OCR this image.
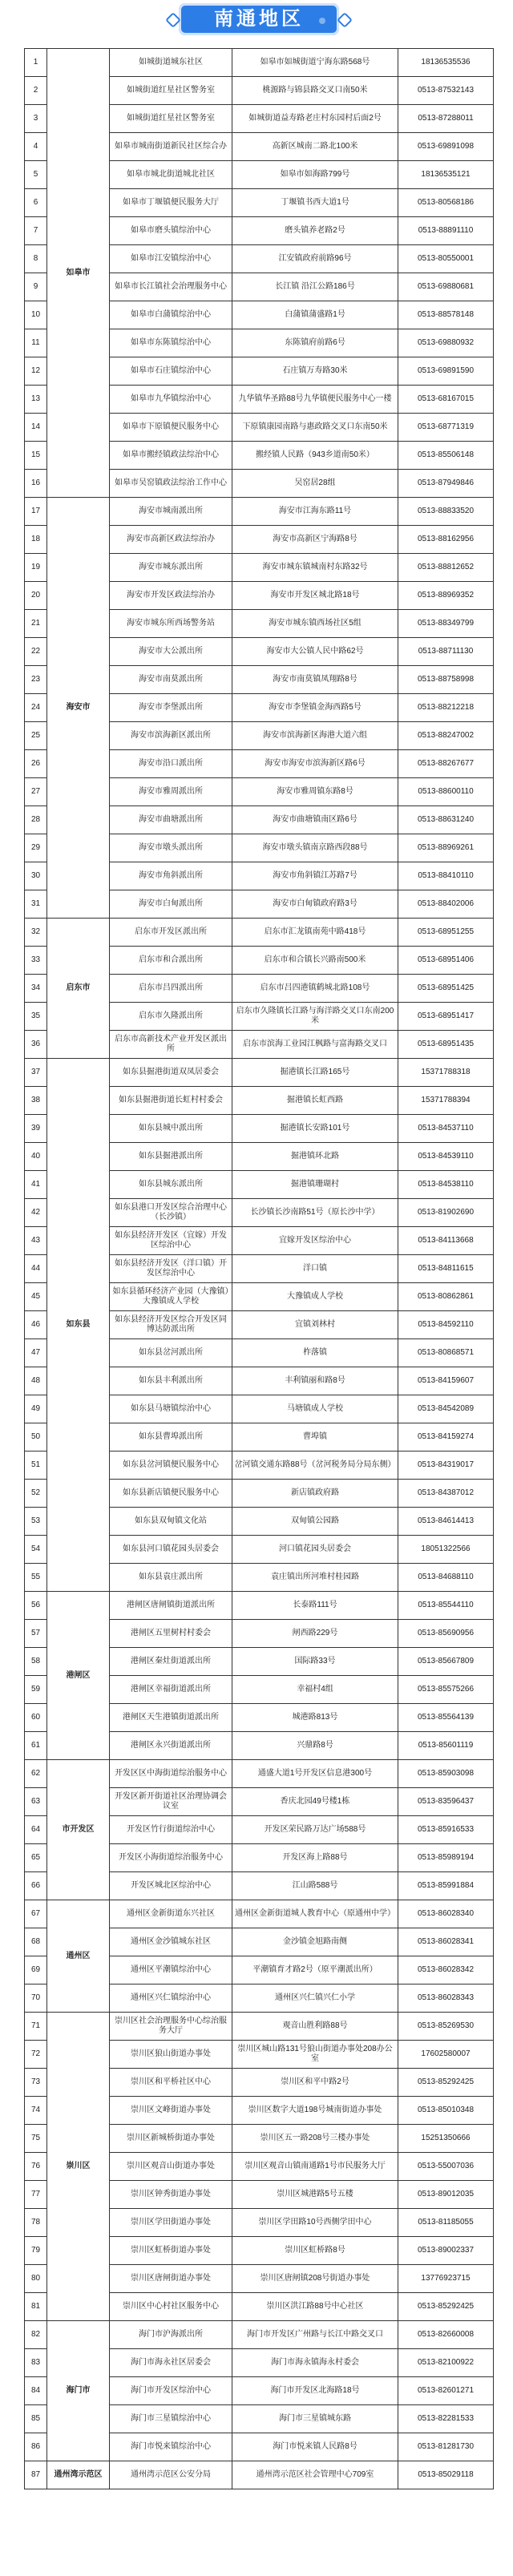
南通地区
1	如皋市	如城街道城东社区	如皋市如城街道宁海东路568号	18136535536
2		如城街道红星社区警务室	桃源路与锦县路交叉口南50米	0513-87532143
3		如城街道红星社区警务室	如城街道益寿路老庄村东园村后面2号	0513-87288011
4		如皋市城南街道新民社区综合办	高新区城南二路北100米	0513-69891098
5		如皋市城北街道城北社区	如皋市如海路799号	18136535121
6		如皋市丁堰镇便民服务大厅	丁堰镇书西大道1号	0513-80568186
7		如皋市磨头镇综治中心	磨头镇养老路2号	0513-88891110
8		如皋市江安镇综治中心	江安镇政府前路96号	0513-80550001
9		如皋市长江镇社会治理服务中心	长江镇 沿江公路186号	0513-69880681
10		如皋市白蒲镇综治中心	白蒲镇蒲盛路1号	0513-88578148
11		如皋市东陈镇综治中心	东陈镇府前路6号	0513-69880932
12		如皋市石庄镇综治中心	石庄镇万寿路30米	0513-69891590
13		如皋市九华镇综治中心	九华镇华圣路88号九华镇便民服务中心一楼	0513-68167015
14		如皋市下原镇便民服务中心	下原镇康园南路与惠政路交叉口东南50米	0513-68771319
15		如皋市搬经镇政法综治中心	搬经镇人民路（943乡道南50米）	0513-85506148
16		如皋市吴窑镇政法综治工作中心	吴窑居28组	0513-87949846
17	海安市	海安市城南派出所	海安市江海东路11号	0513-88833520
18		海安市高新区政法综治办	海安市高新区宁海路8号	0513-88162956
19		海安市城东派出所	海安市城东镇城南村东路32号	0513-88812652
20		海安市开发区政法综治办	海安市开发区城北路18号	0513-88969352
21		海安市城东所西场警务站	海安市城东镇西场社区5组	0513-88349799
22		海安市大公派出所	海安市大公镇人民中路62号	0513-88711130
23		海安市南莫派出所	海安市南莫镇凤翔路8号	0513-88758998
24		海安市李堡派出所	海安市李堡镇金海西路5号	0513-88212218
25		海安市滨海新区派出所	海安市滨海新区海港大道六组	0513-88247002
26		海安市沿口派出所	海安市海安市滨海新区路6号	0513-88267677
27		海安市雅周派出所	海安市雅周镇东路8号	0513-88600110
28		海安市曲塘派出所	海安市曲塘镇南区路6号	0513-88631240
29		海安市墩头派出所	海安市墩头镇南京路西段88号	0513-88969261
30		海安市角斜派出所	海安市角斜镇江苏路7号	0513-88410110
31		海安市白甸派出所	海安市白甸镇政府路3号	0513-88402006
32	启东市	启东市开发区派出所	启东市汇龙镇南苑中路418号	0513-68951255
33		启东市和合派出所	启东市和合镇长兴路南500米	0513-68951406
34		启东市吕四派出所	启东市吕四港镇鹤城北路108号	0513-68951425
35		启东市久隆派出所	启东市久隆镇长江路与海洋路交叉口东南200米	0513-68951417
36		启东市高新技术产业开发区派出所	启东市滨海工业园江枫路与富海路交叉口	0513-68951435
37	如东县	如东县掘港街道双凤居委会	掘港镇长江路165号	15371788318
38		如东县掘港街道长虹村村委会	掘港镇长虹西路	15371788394
39		如东县城中派出所	掘港镇长安路101号	0513-84537110
40		如东县掘港派出所	掘港镇环北路	0513-84539110
41		如东县城东派出所	掘港镇珊瑚村	0513-84538110
42		如东县港口开发区综合治理中心（长沙镇）	长沙镇长沙南路51号（原长沙中学）	0513-81902690
43		如东县经济开发区（宜嫁）开发区综治中心	宜嫁开发区综治中心	0513-84113668
44		如东县经济开发区（洋口镇）开发区综治中心	洋口镇	0513-84811615
45		如东县循环经济产业园（大豫镇）大豫镇成人学校	大豫镇成人学校	0513-80862861
46		如东县经济开发区综合开发区同博达防派出所	宜镇刘林村	0513-84592110
47		如东县岔河派出所	柞落镇	0513-80868571
48		如东县丰利派出所	丰利镇丽和路8号	0513-84159607
49		如东县马塘镇综治中心	马塘镇成人学校	0513-84542089
50		如东县曹埠派出所	曹埠镇	0513-84159274
51		如东县岔河镇便民服务中心	岔河镇交通东路88号（岔河税务局分局东侧）	0513-84319017
52		如东县新店镇便民服务中心	新店镇政府路	0513-84387012
53		如东县双甸镇文化站	双甸镇公园路	0513-84614413
54		如东县河口镇花园头居委会	河口镇花园头居委会	18051322566
55		如东县袁庄派出所	袁庄镇出所河堆村桂园路	0513-84688110
56	港闸区	港闸区唐闸镇街道派出所	长泰路111号	0513-85544110
57		港闸区五里树村村委会	闸西路229号	0513-85690956
58		港闸区秦灶街道派出所	国际路33号	0513-85667809
59		港闸区幸福街道派出所	幸福村4组	0513-85575266
60		港闸区天生港镇街道派出所	城港路813号	0513-85564139
61		港闸区永兴街道派出所	兴鼎路8号	0513-85601119
62	市开发区	开发区区中海街道综治服务中心	通盛大道1号开发区信息港300号	0513-85903098
63		开发区新开街道社区治理协调会议室	香庆北园49号楼1栋	0513-83596437
64		开发区竹行街道综治中心	开发区荣民路万达广场588号	0513-85916533
65		开发区小海街道综治服务中心	开发区海上路88号	0513-85989194
66		开发区城北区综治中心	江山路588号	0513-85991884
67	通州区	通州区金新街道东兴社区	通州区金新街道城人教育中心（原通州中学）	0513-86028340
68		通州区金沙镇城东社区	金沙镇金旭路南侧	0513-86028341
69		通州区平潮镇综治中心	平潮镇育才路2号（原平潮派出所）	0513-86028342
70		通州区兴仁镇综治中心	通州区兴仁镇兴仁小学	0513-86028343
71	崇川区	崇川区社会治理服务中心综治服务大厅	观音山胜利路88号	0513-85269530
72		崇川区狼山街道办事处	崇川区城山路131号狼山街道办事处208办公室	17602580007
73		崇川区和平桥社区中心	崇川区和平中路2号	0513-85292425
74		崇川区文峰街道办事处	崇川区数字大道198号城南街道办事处	0513-85010348
75		崇川区新城桥街道办事处	崇川区五一路208号三楼办事处	15251350666
76		崇川区观音山街道办事处	崇川区观音山镇南通路1号市民服务大厅	0513-55007036
77		崇川区钟秀街道办事处	崇川区城港路5号五楼	0513-89012035
78		崇川区学田街道办事处	崇川区学田路10号西侧学田中心	0513-81185055
79		崇川区虹桥街道办事处	崇川区虹桥路8号	0513-89002337
80		崇川区唐闸街道办事处	崇川区唐闸镇208号街道办事处	13776923715
81		崇川区中心村社区服务中心	崇川区洪江路88号中心社区	0513-85292425
82	海门市	海门市沪海派出所	海门市开发区广州路与长江中路交叉口	0513-82660008
83		海门市海永社区居委会	海门市海永镇海永村委会	0513-82100922
84		海门市开发区综治中心	海门市开发区北海路18号	0513-82601271
85		海门市三星镇综治中心	海门市三星镇城东路	0513-82281533
86		海门市悦来镇综治中心	海门市悦来镇人民路8号	0513-81281730
87	通州湾示范区	通州湾示范区公安分局	通州湾示范区社会管理中心709室	0513-85029118
